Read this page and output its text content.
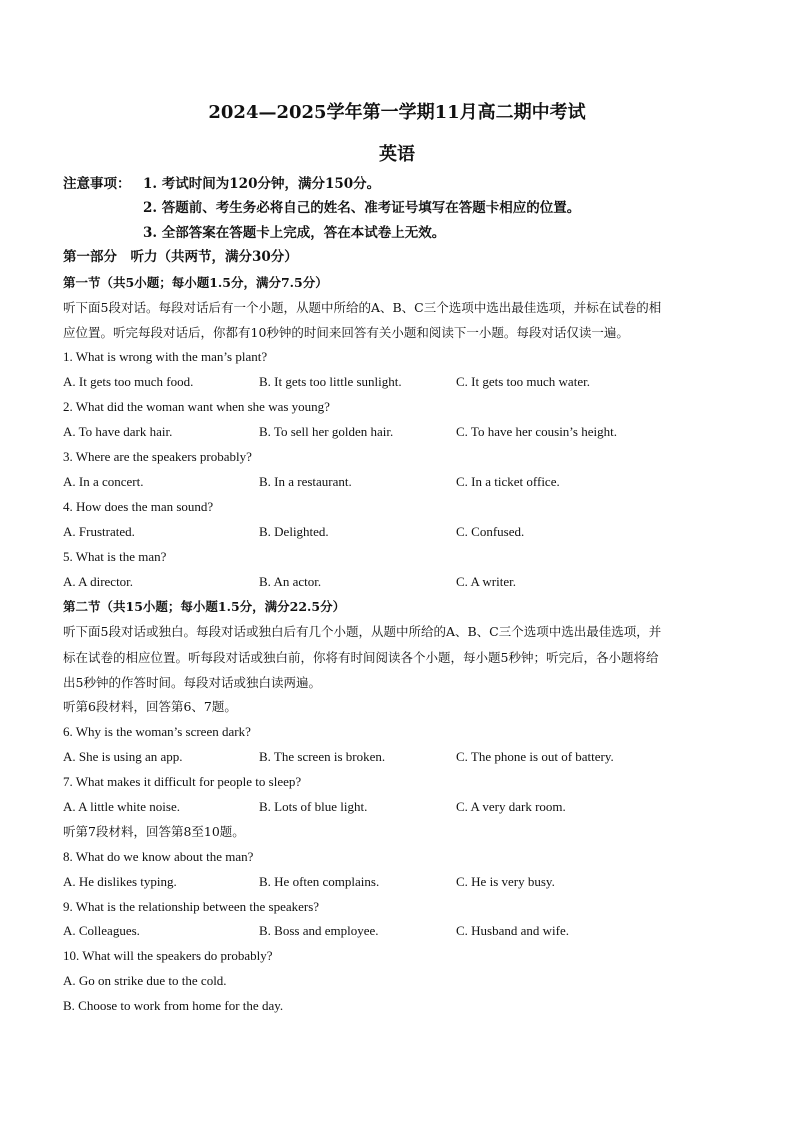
2024—2025学年第一学期11月高二期中考试
英语
注意事项： 1. 考试时间为120分钟，满分150分。
2. 答题前、考生务必将自己的姓名、准考证号填写在答题卡相应的位置。
3. 全部答案在答题卡上完成，答在本试卷上无效。
第一部分　听力（共两节，满分30分）
第一节（共5小题；每小题1.5分，满分7.5分）
听下面5段对话。每段对话后有一个小题，从题中所给的A、B、C三个选项中选出最佳选项，并标在试卷的相
应位置。听完每段对话后，你都有10秒钟的时间来回答有关小题和阅读下一小题。每段对话仅读一遍。
1. What is wrong with the man’s plant?
A. It gets too much food.	B. It gets too little sunlight.	C. It gets too much water.
2. What did the woman want when she was young?
A. To have dark hair.	B. To sell her golden hair.	C. To have her cousin’s height.
3. Where are the speakers probably?
A. In a concert.	B. In a restaurant.	C. In a ticket office.
4. How does the man sound?
A. Frustrated.	B. Delighted.	C. Confused.
5. What is the man?
A. A director.	B. An actor.	C. A writer.
第二节（共15小题；每小题1.5分，满分22.5分）
听下面5段对话或独白。每段对话或独白后有几个小题，从题中所给的A、B、C三个选项中选出最佳选项，并
标在试卷的相应位置。听每段对话或独白前，你将有时间阅读各个小题，每小题5秒钟；听完后，各小题将给
出5秒钟的作答时间。每段对话或独白读两遍。
听第6段材料，回答第6、7题。
6. Why is the woman’s screen dark?
A. She is using an app.	B. The screen is broken.	C. The phone is out of battery.
7. What makes it difficult for people to sleep?
A. A little white noise.	B. Lots of blue light.	C. A very dark room.
听第7段材料，回答第8至10题。
8. What do we know about the man?
A. He dislikes typing.	B. He often complains.	C. He is very busy.
9. What is the relationship between the speakers?
A. Colleagues.	B. Boss and employee.	C. Husband and wife.
10. What will the speakers do probably?
A. Go on strike due to the cold.
B. Choose to work from home for the day.
